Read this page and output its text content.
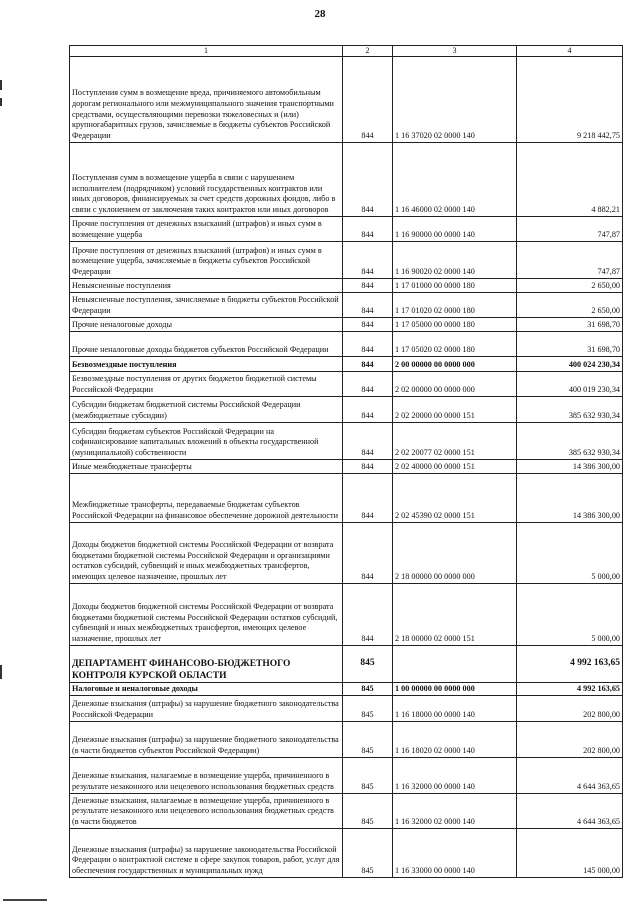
28
1	2	3	4
Поступления сумм в возмещение вреда, причиняемого автомобильным дорогам регионального или межмуниципального значения транспортными средствами, осуществляющими перевозки тяжеловесных и (или) крупногабаритных грузов, зачисляемые в бюджеты субъектов Российской Федерации	844	1 16 37020 02 0000 140	9 218 442,75
Поступления сумм в возмещение ущерба в связи с нарушением исполнителем (подрядчиком) условий государственных контрактов или иных договоров, финансируемых за счет средств дорожных фондов, либо в связи с уклонением от заключения таких контрактов или иных договоров	844	1 16 46000 02 0000 140	4 882,21
Прочие поступления от денежных взысканий (штрафов) и иных сумм в возмещение ущерба	844	1 16 90000 00 0000 140	747,87
Прочие поступления от денежных взысканий (штрафов) и иных сумм в возмещение ущерба, зачисляемые в бюджеты субъектов Российской Федерации	844	1 16 90020 02 0000 140	747,87
Невыясненные поступления	844	1 17 01000 00 0000 180	2 650,00
Невыясненные поступления, зачисляемые в бюджеты субъектов Российской Федерации	844	1 17 01020 02 0000 180	2 650,00
Прочие неналоговые доходы	844	1 17 05000 00 0000 180	31 698,70
Прочие неналоговые доходы бюджетов субъектов Российской Федерации	844	1 17 05020 02 0000 180	31 698,70
Безвозмездные поступления	844	2 00 00000 00 0000 000	400 024 230,34
Безвозмездные поступления от других бюджетов бюджетной системы Российской Федерации	844	2 02 00000 00 0000 000	400 019 230,34
Субсидии бюджетам бюджетной системы Российской Федерации (межбюджетные субсидии)	844	2 02 20000 00 0000 151	385 632 930,34
Субсидии бюджетам субъектов Российской Федерации на софинансирование капитальных вложений в объекты государственной (муниципальной) собственности	844	2 02 20077 02 0000 151	385 632 930,34
Иные межбюджетные трансферты	844	2 02 40000 00 0000 151	14 386 300,00
Межбюджетные трансферты, передаваемые бюджетам субъектов Российской Федерации на финансовое обеспечение дорожной деятельности	844	2 02 45390 02 0000 151	14 386 300,00
Доходы бюджетов бюджетной системы Российской Федерации от возврата бюджетами бюджетной системы Российской Федерации и организациями остатков субсидий, субвенций и иных межбюджетных трансфертов, имеющих целевое назначение, прошлых лет	844	2 18 00000 00 0000 000	5 000,00
Доходы бюджетов бюджетной системы Российской Федерации от возврата бюджетами бюджетной системы Российской Федерации остатков субсидий, субвенций и иных межбюджетных трансфертов, имеющих целевое назначение, прошлых лет	844	2 18 00000 02 0000 151	5 000,00
ДЕПАРТАМЕНТ ФИНАНСОВО-БЮДЖЕТНОГО КОНТРОЛЯ КУРСКОЙ ОБЛАСТИ	845		4 992 163,65
Налоговые и неналоговые доходы	845	1 00 00000 00 0000 000	4 992 163,65
Денежные взыскания (штрафы) за нарушение бюджетного законодательства Российской Федерации	845	1 16 18000 00 0000 140	202 800,00
Денежные взыскания (штрафы) за нарушение бюджетного законодательства (в части бюджетов субъектов Российской Федерации)	845	1 16 18020 02 0000 140	202 800,00
Денежные взыскания, налагаемые в возмещение ущерба, причиненного в результате незаконного или нецелевого использования бюджетных средств	845	1 16 32000 00 0000 140	4 644 363,65
Денежные взыскания, налагаемые в возмещение ущерба, причиненного в результате незаконного или нецелевого использования бюджетных средств (в части бюджетов	845	1 16 32000 02 0000 140	4 644 363,65
Денежные взыскания (штрафы) за нарушение законодательства Российской Федерации о контрактной системе в сфере закупок товаров, работ, услуг для обеспечения государственных и муниципальных нужд	845	1 16 33000 00 0000 140	145 000,00
